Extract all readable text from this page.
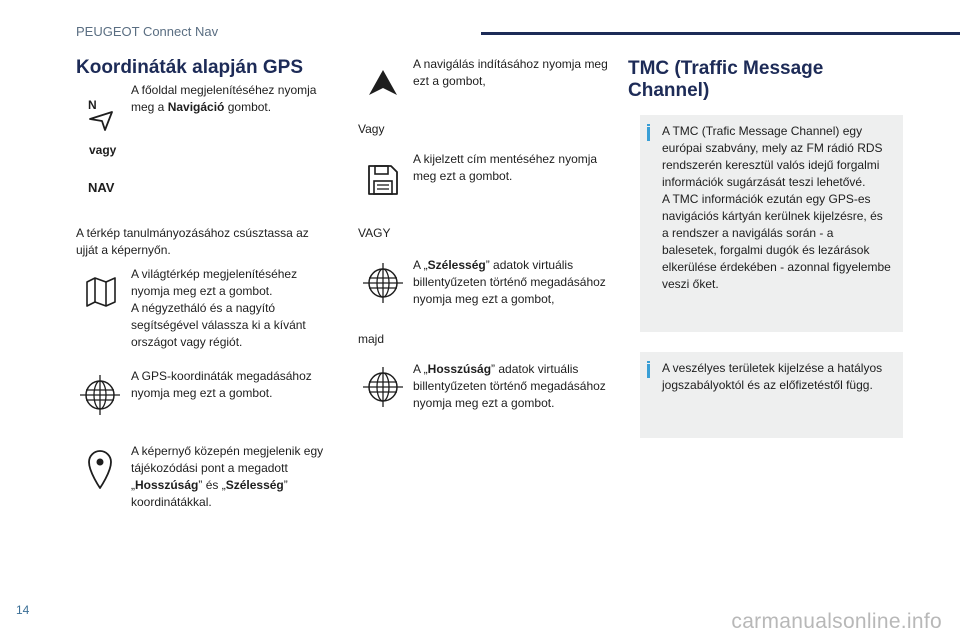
PEUGEOT Connect Nav
14	carmanualsonline.info
Koordináták alapján GPS
N
A főoldal megjelenítéséhez nyomja meg a Navigáció gombot.
vagy
NAV
A térkép tanulmányozásához csúsztassa az ujját a képernyőn.
A világtérkép megjelenítéséhez nyomja meg ezt a gombot.
A négyzetháló és a nagyító segítségével válassza ki a kívánt országot vagy régiót.
A GPS-koordináták megadásához nyomja meg ezt a gombot.
A képernyő közepén megjelenik egy tájékozódási pont a megadott „Hosszúság” és „Szélesség” koordinátákkal.
A navigálás indításához nyomja meg ezt a gombot,
Vagy
A kijelzett cím mentéséhez nyomja meg ezt a gombot.
VAGY
A „Szélesség” adatok virtuális billentyűzeten történő megadásához nyomja meg ezt a gombot,
majd
A „Hosszúság” adatok virtuális billentyűzeten történő megadásához nyomja meg ezt a gombot.
TMC (Traffic Message Channel)
A TMC (Trafic Message Channel) egy európai szabvány, mely az FM rádió RDS rendszerén keresztül valós idejű forgalmi információk sugárzását teszi lehetővé.
A TMC információk ezután egy GPS-es navigációs kártyán kerülnek kijelzésre, és a rendszer a navigálás során - a balesetek, forgalmi dugók és lezárások elkerülése érdekében - azonnal figyelembe veszi őket.
A veszélyes területek kijelzése a hatályos jogszabályoktól és az előfizetéstől függ.
